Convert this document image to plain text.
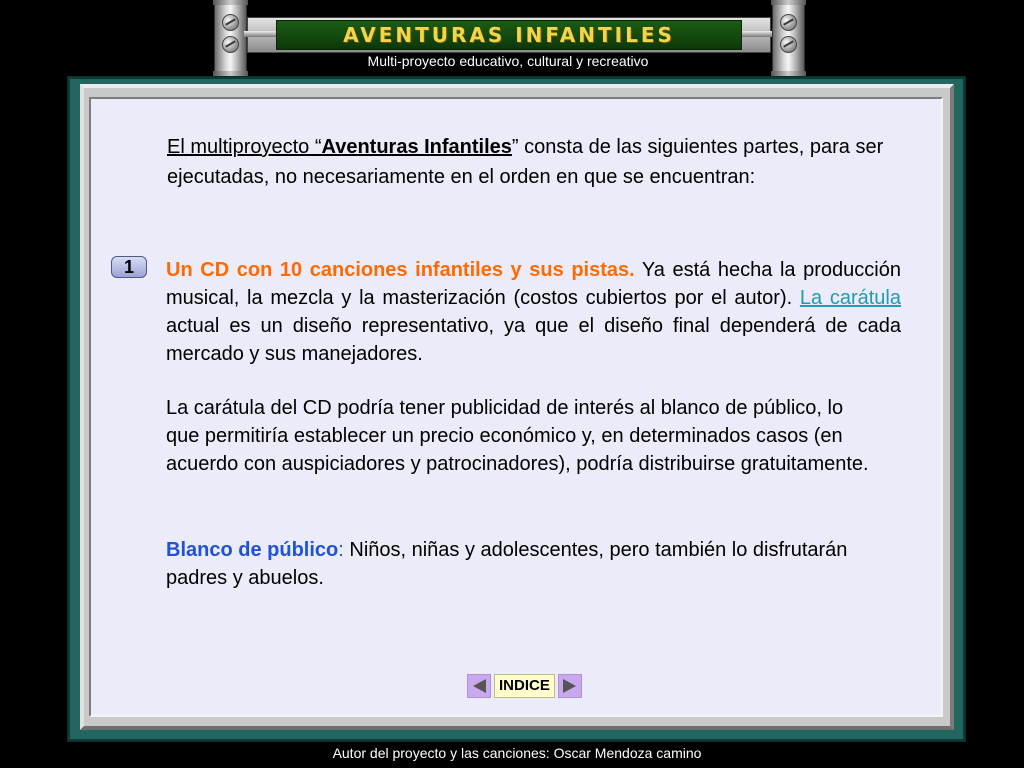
AVENTURAS INFANTILES
Multi-proyecto educativo, cultural y recreativo
El multiproyecto “Aventuras Infantiles” consta de las siguientes partes, para ser ejecutadas, no necesariamente en el orden en que se encuentran:
1	Un CD con 10 canciones infantiles y sus pistas. Ya está hecha la producción musical, la mezcla y la masterización (costos cubiertos por el autor). La carátula actual es un diseño representativo, ya que el diseño final dependerá de cada mercado y sus manejadores.
La carátula del CD podría tener publicidad de interés al blanco de público, lo que permitiría establecer un precio económico y, en determinados casos (en acuerdo con auspiciadores y patrocinadores), podría distribuirse gratuitamente.
Blanco de público: Niños, niñas y adolescentes, pero también lo disfrutarán padres y abuelos.
INDICE
Autor del proyecto y las canciones: Oscar Mendoza camino
